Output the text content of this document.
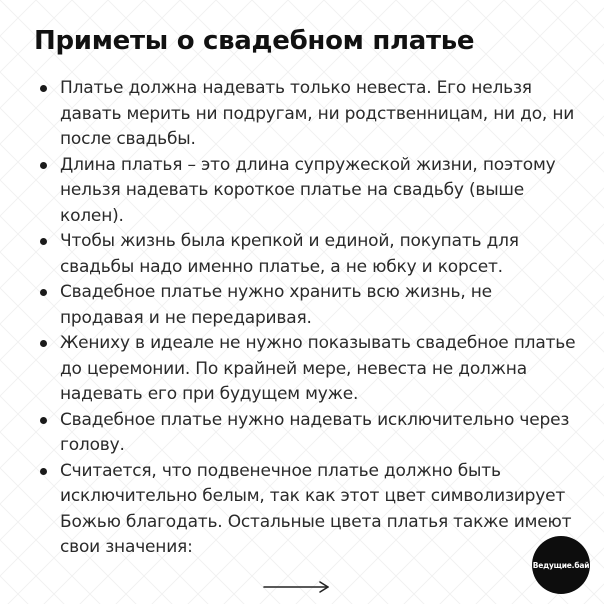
Приметы о свадебном платье
Платье должна надевать только невеста. Его нельзя давать мерить ни подругам, ни родственницам, ни до, ни после свадьбы.
Длина платья – это длина супружеской жизни, поэтому нельзя надевать короткое платье на свадьбу (выше колен).
Чтобы жизнь была крепкой и единой, покупать для свадьбы надо именно платье, а не юбку и корсет.
Свадебное платье нужно хранить всю жизнь, не продавая и не передаривая.
Жениху в идеале не нужно показывать свадебное платье до церемонии. По крайней мере, невеста не должна надевать его при будущем муже.
Свадебное платье нужно надевать исключительно через голову.
Считается, что подвенечное платье должно быть исключительно белым, так как этот цвет символизирует Божью благодать. Остальные цвета платья также имеют свои значения:
Ведущие.бай
